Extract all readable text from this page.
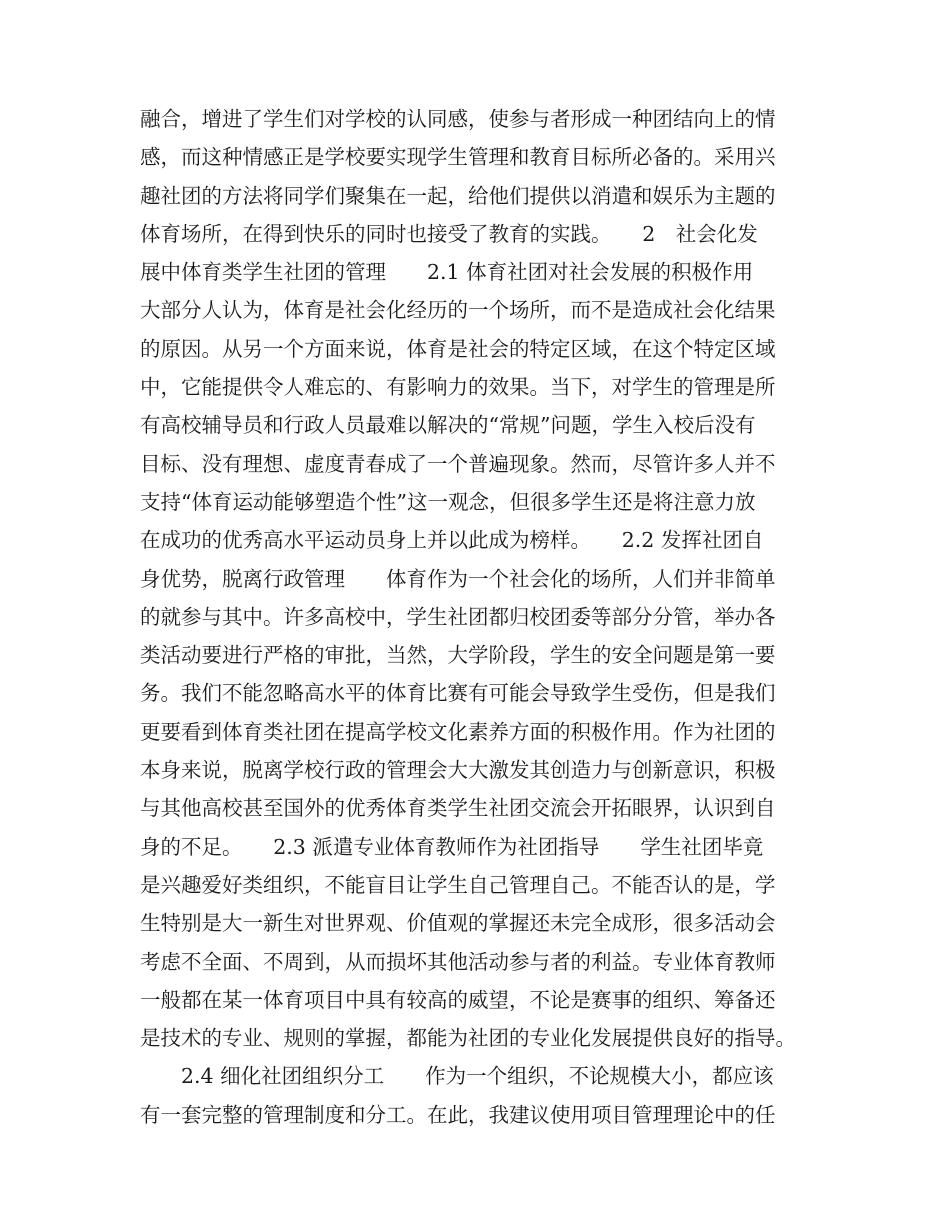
融合，增进了学生们对学校的认同感，使参与者形成一种团结向上的情
感，而这种情感正是学校要实现学生管理和教育目标所必备的。采用兴
趣社团的方法将同学们聚集在一起，给他们提供以消遣和娱乐为主题的
体育场所，在得到快乐的同时也接受了教育的实践。　　2　社会化发
展中体育类学生社团的管理　　2.1 体育社团对社会发展的积极作用
大部分人认为，体育是社会化经历的一个场所，而不是造成社会化结果
的原因。从另一个方面来说，体育是社会的特定区域，在这个特定区域
中，它能提供令人难忘的、有影响力的效果。当下，对学生的管理是所
有高校辅导员和行政人员最难以解决的“常规”问题，学生入校后没有
目标、没有理想、虚度青春成了一个普遍现象。然而，尽管许多人并不
支持“体育运动能够塑造个性”这一观念，但很多学生还是将注意力放
在成功的优秀高水平运动员身上并以此成为榜样。　　2.2 发挥社团自
身优势，脱离行政管理　　体育作为一个社会化的场所，人们并非简单
的就参与其中。许多高校中，学生社团都归校团委等部分分管，举办各
类活动要进行严格的审批，当然，大学阶段，学生的安全问题是第一要
务。我们不能忽略高水平的体育比赛有可能会导致学生受伤，但是我们
更要看到体育类社团在提高学校文化素养方面的积极作用。作为社团的
本身来说，脱离学校行政的管理会大大激发其创造力与创新意识，积极
与其他高校甚至国外的优秀体育类学生社团交流会开拓眼界，认识到自
身的不足。　　2.3 派遣专业体育教师作为社团指导　　学生社团毕竟
是兴趣爱好类组织，不能盲目让学生自己管理自己。不能否认的是，学
生特别是大一新生对世界观、价值观的掌握还未完全成形，很多活动会
考虑不全面、不周到，从而损坏其他活动参与者的利益。专业体育教师
一般都在某一体育项目中具有较高的威望，不论是赛事的组织、筹备还
是技术的专业、规则的掌握，都能为社团的专业化发展提供良好的指导。
　　2.4 细化社团组织分工　　作为一个组织，不论规模大小，都应该
有一套完整的管理制度和分工。在此，我建议使用项目管理理论中的任
